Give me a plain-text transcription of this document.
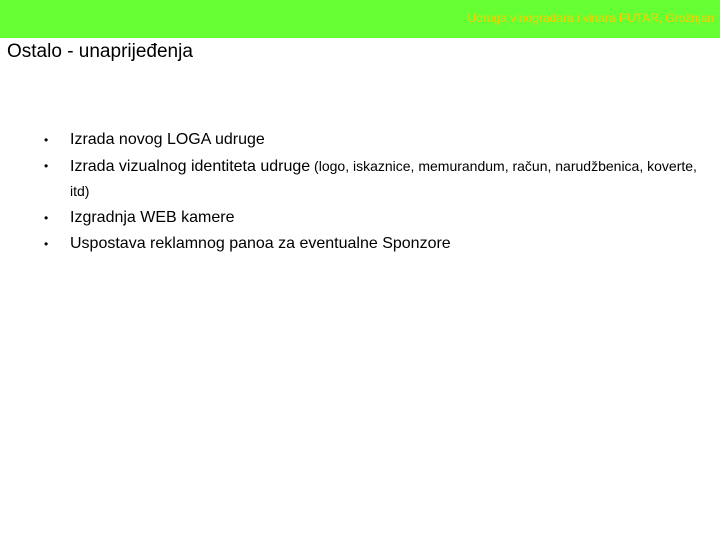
Udruga vinogradara i vinara PUTAR, Grožnjan
Ostalo - unaprijeđenja
• Izrada novog LOGA udruge
• Izrada vizualnog identiteta udruge (logo, iskaznice, memurandum, račun, narudžbenica, koverte, itd)
• Izgradnja WEB kamere
• Uspostava reklamnog panoa za eventualne Sponzore
